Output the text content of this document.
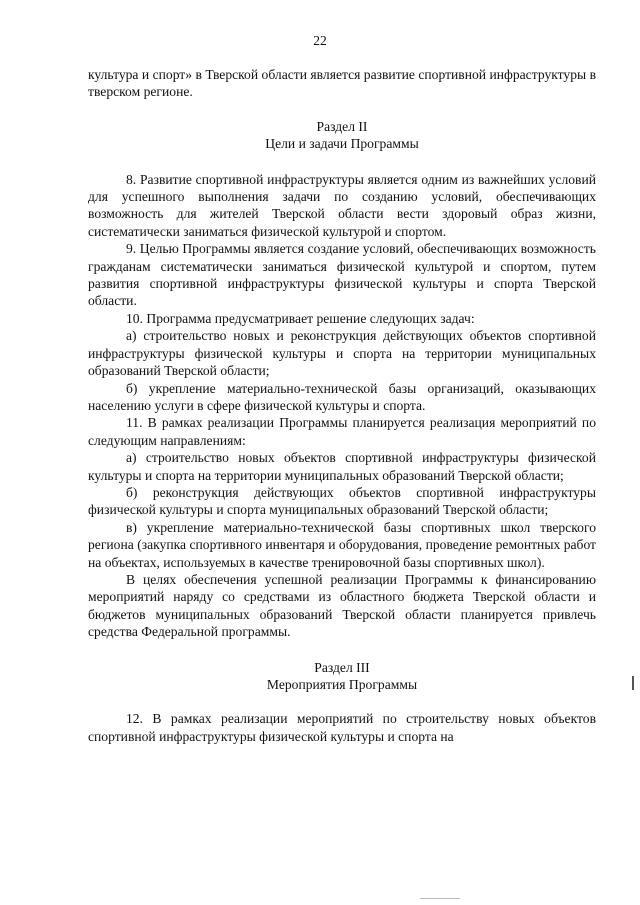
22

культура и спорт» в Тверской области является развитие спортивной инфраструктуры в тверском регионе.

Раздел II
Цели и задачи Программы

8. Развитие спортивной инфраструктуры является одним из важнейших условий для успешного выполнения задачи по созданию условий, обеспечивающих возможность для жителей Тверской области вести здоровый образ жизни, систематически заниматься физической культурой и спортом.

9. Целью Программы является создание условий, обеспечивающих возможность гражданам систематически заниматься физической культурой и спортом, путем развития спортивной инфраструктуры физической культуры и спорта Тверской области.

10. Программа предусматривает решение следующих задач:

а) строительство новых и реконструкция действующих объектов спортивной инфраструктуры физической культуры и спорта на территории муниципальных образований Тверской области;

б) укрепление материально-технической базы организаций, оказывающих населению услуги в сфере физической культуры и спорта.

11. В рамках реализации Программы планируется реализация мероприятий по следующим направлениям:

а) строительство новых объектов спортивной инфраструктуры физической культуры и спорта на территории муниципальных образований Тверской области;

б) реконструкция действующих объектов спортивной инфраструктуры физической культуры и спорта муниципальных образований Тверской области;

в) укрепление материально-технической базы спортивных школ тверского региона (закупка спортивного инвентаря и оборудования, проведение ремонтных работ на объектах, используемых в качестве тренировочной базы спортивных школ).

В целях обеспечения успешной реализации Программы к финансированию мероприятий наряду со средствами из областного бюджета Тверской области и бюджетов муниципальных образований Тверской области планируется привлечь средства Федеральной программы.

Раздел III
Мероприятия Программы

12. В рамках реализации мероприятий по строительству новых объектов спортивной инфраструктуры физической культуры и спорта на
